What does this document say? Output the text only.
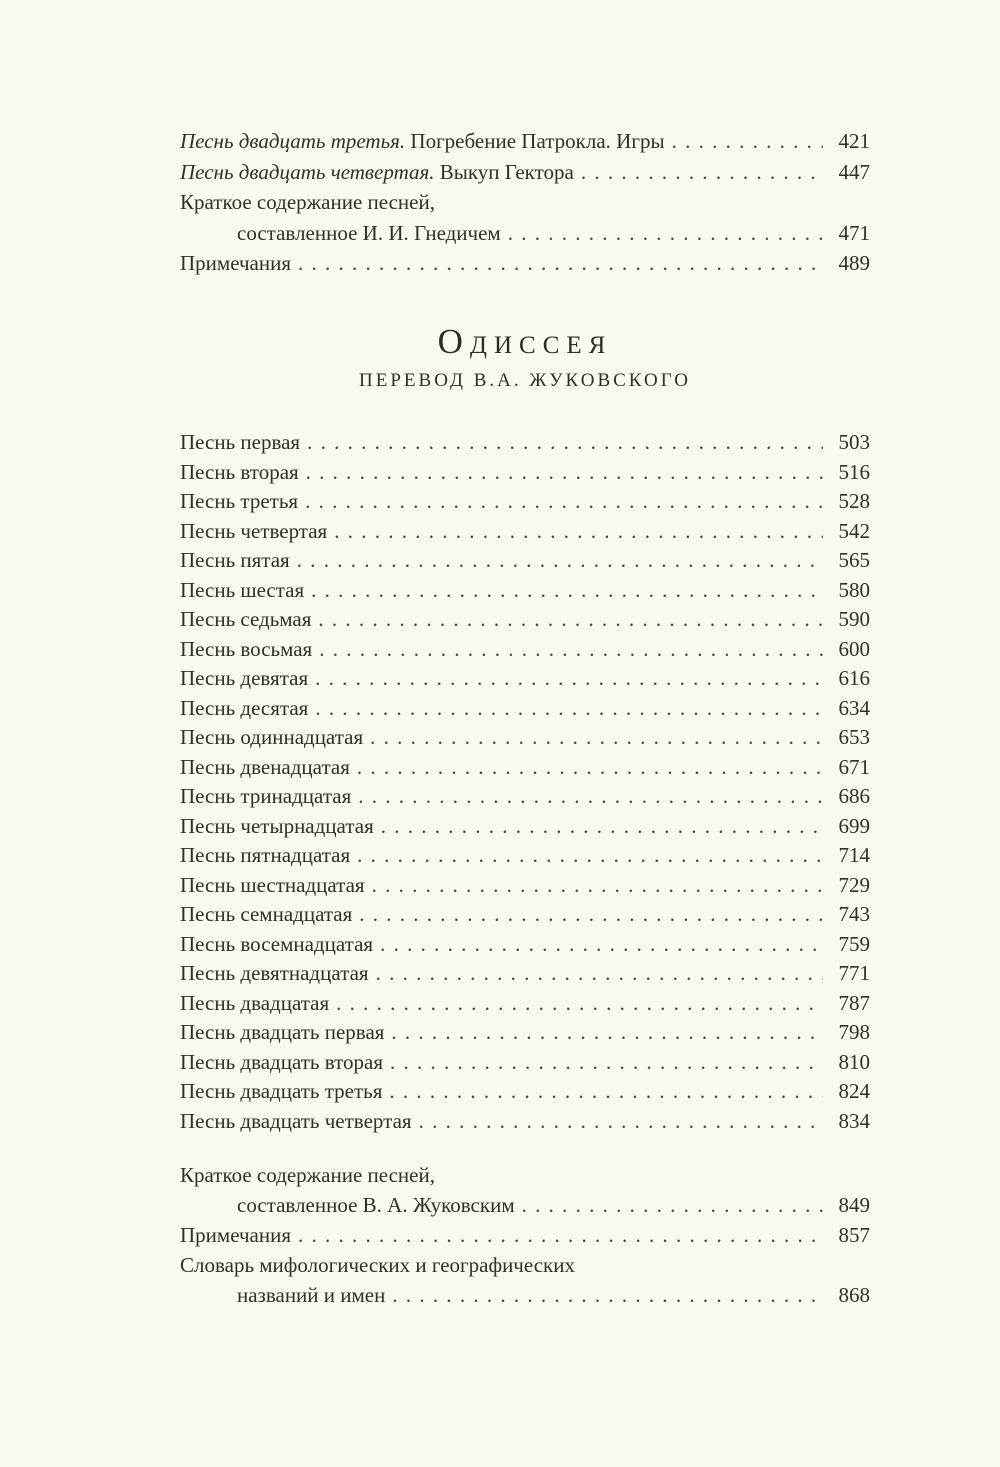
Песнь двадцать третья. Погребение Патрокла. Игры . . .	421
Песнь двадцать четвертая. Выкуп Гектора . . .	447
Краткое содержание песней,
составленное И. И. Гнедичем . . .	471
Примечания . . .	489
Одиссея
ПЕРЕВОД В.А. ЖУКОВСКОГО
Песнь первая . . .	503
Песнь вторая . . .	516
Песнь третья . . .	528
Песнь четвертая . . .	542
Песнь пятая . . .	565
Песнь шестая . . .	580
Песнь седьмая . . .	590
Песнь восьмая . . .	600
Песнь девятая . . .	616
Песнь десятая . . .	634
Песнь одиннадцатая . . .	653
Песнь двенадцатая . . .	671
Песнь тринадцатая . . .	686
Песнь четырнадцатая . . .	699
Песнь пятнадцатая . . .	714
Песнь шестнадцатая . . .	729
Песнь семнадцатая . . .	743
Песнь восемнадцатая . . .	759
Песнь девятнадцатая . . .	771
Песнь двадцатая . . .	787
Песнь двадцать первая . . .	798
Песнь двадцать вторая . . .	810
Песнь двадцать третья . . .	824
Песнь двадцать четвертая . . .	834
Краткое содержание песней,
составленное В. А. Жуковским . . .	849
Примечания . . .	857
Словарь мифологических и географических
названий и имен . . .	868
